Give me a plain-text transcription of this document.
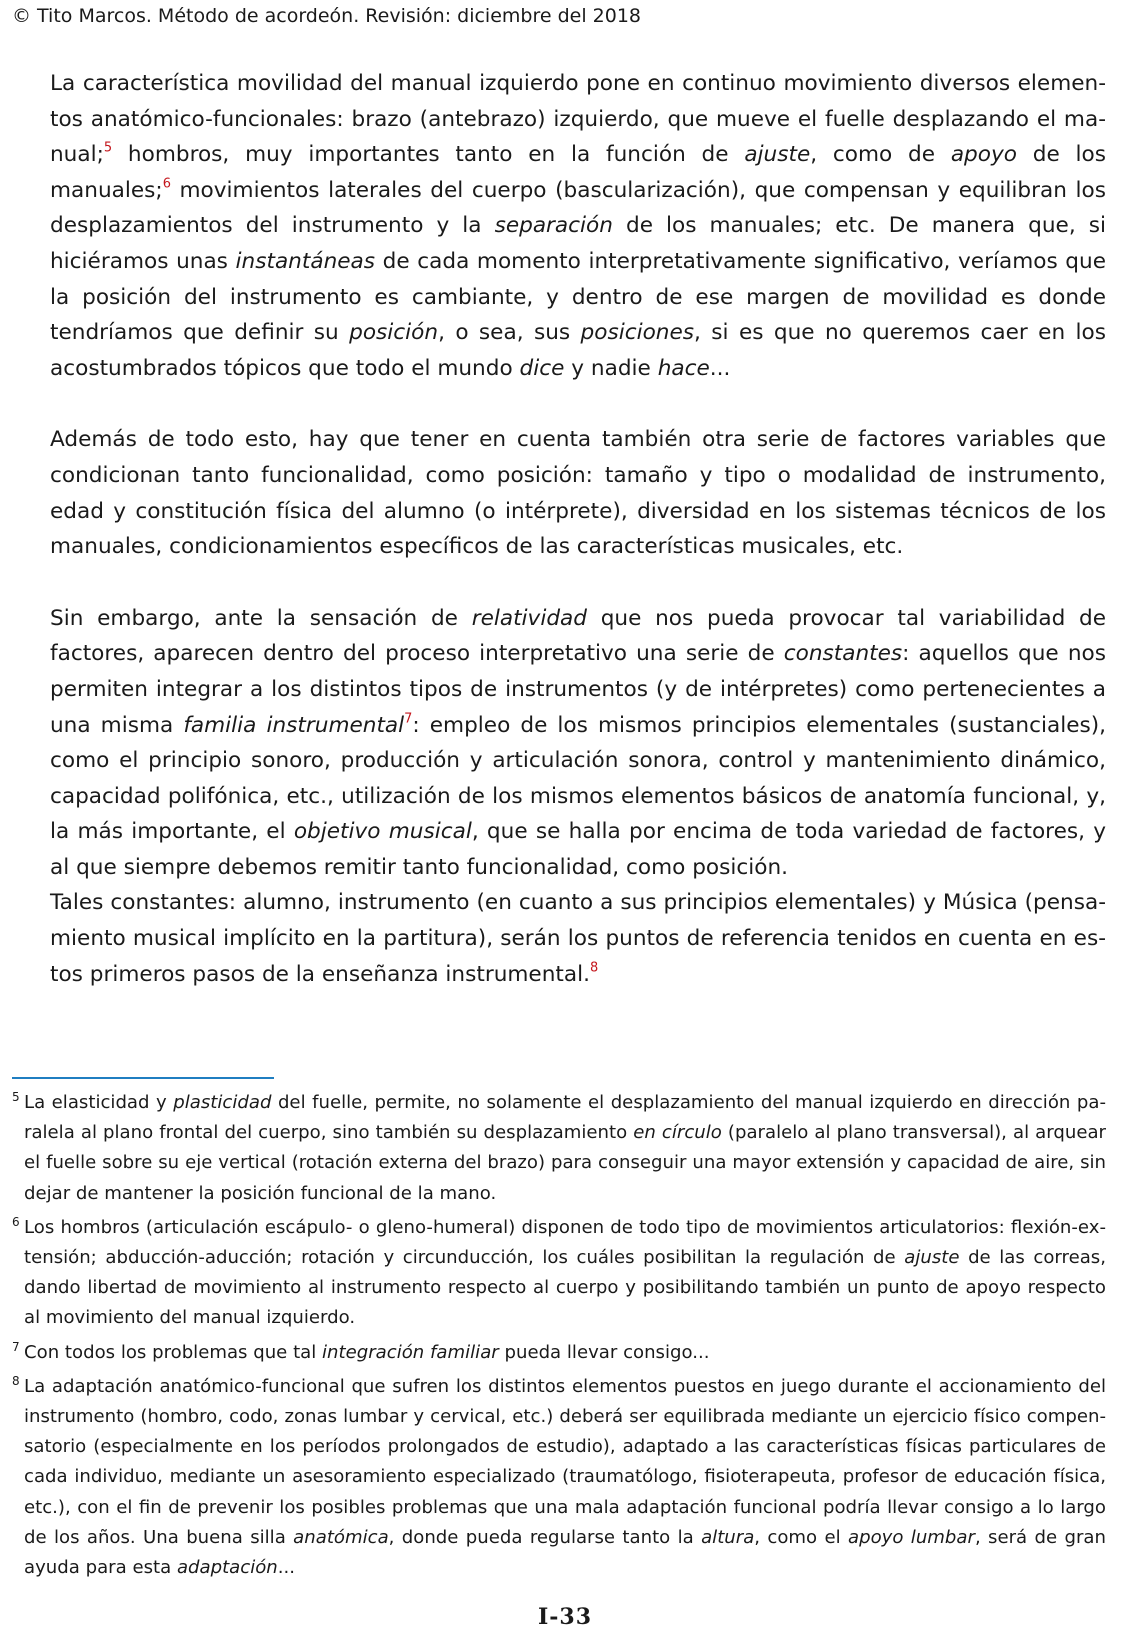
© Tito Marcos. Método de acordeón. Revisión: diciembre del 2018

La característica movilidad del manual izquierdo pone en continuo movimiento diversos elementos anatómico-funcionales: brazo (antebrazo) izquierdo, que mueve el fuelle desplazando el manual;$^5$ hombros, muy importantes tanto en la función de ajuste, como de apoyo de los manuales;$^6$ movimientos laterales del cuerpo (bascularización), que compensan y equilibran los desplazamientos del instrumento y la separación de los manuales; etc. De manera que, si hiciéramos unas instantáneas de cada momento interpretativamente significativo, veríamos que la posición del instrumento es cambiante, y dentro de ese margen de movilidad es donde tendríamos que definir su posición, o sea, sus posiciones, si es que no queremos caer en los acostumbrados tópicos que todo el mundo dice y nadie hace...

Además de todo esto, hay que tener en cuenta también otra serie de factores variables que condicionan tanto funcionalidad, como posición: tamaño y tipo o modalidad de instrumento, edad y constitución física del alumno (o intérprete), diversidad en los sistemas técnicos de los manuales, condicionamientos específicos de las características musicales, etc.

Sin embargo, ante la sensación de relatividad que nos pueda provocar tal variabilidad de factores, aparecen dentro del proceso interpretativo una serie de constantes: aquellos que nos permiten integrar a los distintos tipos de instrumentos (y de intérpretes) como pertenecientes a una misma familia instrumental$^7$: empleo de los mismos principios elementales (sustanciales), como el principio sonoro, producción y articulación sonora, control y mantenimiento dinámico, capacidad polifónica, etc., utilización de los mismos elementos básicos de anatomía funcional, y, la más importante, el objetivo musical, que se halla por encima de toda variedad de factores, y al que siempre debemos remitir tanto funcionalidad, como posición.

Tales constantes: alumno, instrumento (en cuanto a sus principios elementales) y Música (pensamiento musical implícito en la partitura), serán los puntos de referencia tenidos en cuenta en estos primeros pasos de la enseñanza instrumental.$^8$

5 La elasticidad y plasticidad del fuelle, permite, no solamente el desplazamiento del manual izquierdo en dirección paralela al plano frontal del cuerpo, sino también su desplazamiento en círculo (paralelo al plano transversal), al arquear el fuelle sobre su eje vertical (rotación externa del brazo) para conseguir una mayor extensión y capacidad de aire, sin dejar de mantener la posición funcional de la mano.

6 Los hombros (articulación escápulo- o gleno-humeral) disponen de todo tipo de movimientos articulatorios: flexión-extensión; abducción-aducción; rotación y circunducción, los cuáles posibilitan la regulación de ajuste de las correas, dando libertad de movimiento al instrumento respecto al cuerpo y posibilitando también un punto de apoyo respecto al movimiento del manual izquierdo.

7 Con todos los problemas que tal integración familiar pueda llevar consigo...

8 La adaptación anatómico-funcional que sufren los distintos elementos puestos en juego durante el accionamiento del instrumento (hombro, codo, zonas lumbar y cervical, etc.) deberá ser equilibrada mediante un ejercicio físico compensatorio (especialmente en los períodos prolongados de estudio), adaptado a las características físicas particulares de cada individuo, mediante un asesoramiento especializado (traumatólogo, fisioterapeuta, profesor de educación física, etc.), con el fin de prevenir los posibles problemas que una mala adaptación funcional podría llevar consigo a lo largo de los años. Una buena silla anatómica, donde pueda regularse tanto la altura, como el apoyo lumbar, será de gran ayuda para esta adaptación...

I-33
